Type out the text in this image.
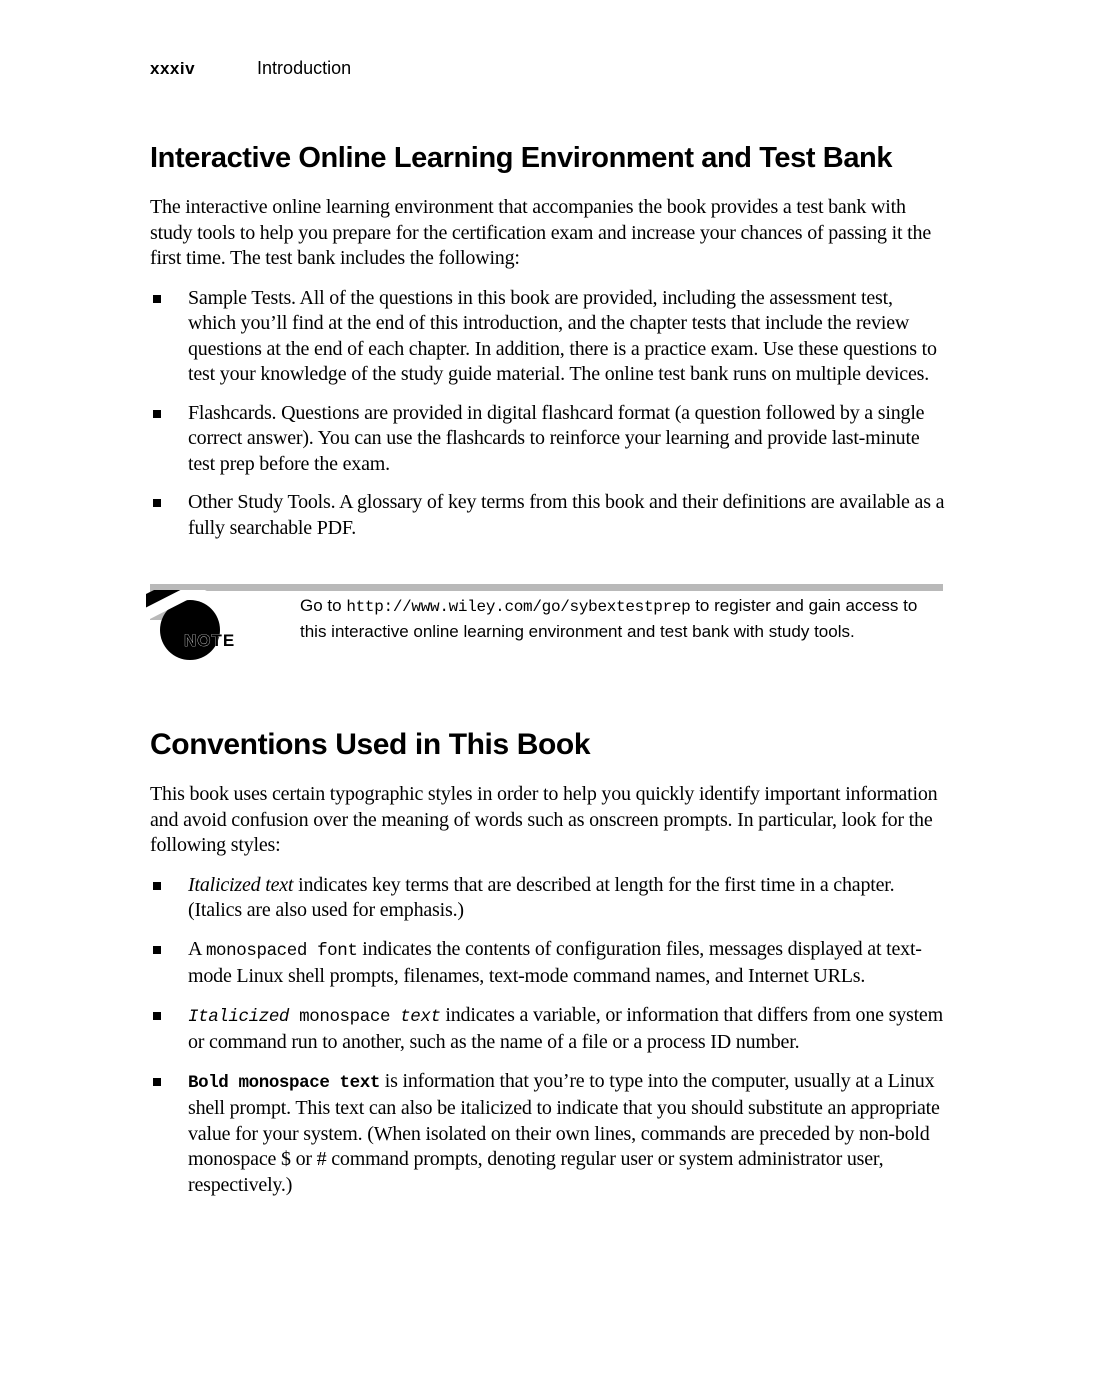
xxxiv	Introduction
Interactive Online Learning Environment and Test Bank

The interactive online learning environment that accompanies the book provides a test bank with study tools to help you prepare for the certification exam and increase your chances of passing it the first time. The test bank includes the following:

Sample Tests. All of the questions in this book are provided, including the assessment test, which you’ll find at the end of this introduction, and the chapter tests that include the review questions at the end of each chapter. In addition, there is a practice exam. Use these questions to test your knowledge of the study guide material. The online test bank runs on multiple devices.
Flashcards. Questions are provided in digital flashcard format (a question followed by a single correct answer). You can use the flashcards to reinforce your learning and provide last-minute test prep before the exam.
Other Study Tools. A glossary of key terms from this book and their definitions are available as a fully searchable PDF.
NOTE
Go to http://www.wiley.com/go/sybextestprep to register and gain access to this interactive online learning environment and test bank with study tools.
Conventions Used in This Book

This book uses certain typographic styles in order to help you quickly identify important information and avoid confusion over the meaning of words such as onscreen prompts. In particular, look for the following styles:

Italicized text indicates key terms that are described at length for the first time in a chapter. (Italics are also used for emphasis.)
A monospaced font indicates the contents of configuration files, messages displayed at text-mode Linux shell prompts, filenames, text-mode command names, and Internet URLs.
Italicized monospace text indicates a variable, or information that differs from one system or command run to another, such as the name of a file or a process ID number.
Bold monospace text is information that you’re to type into the computer, usually at a Linux shell prompt. This text can also be italicized to indicate that you should substitute an appropriate value for your system. (When isolated on their own lines, commands are preceded by non-bold monospace $ or # command prompts, denoting regular user or system administrator user, respectively.)
